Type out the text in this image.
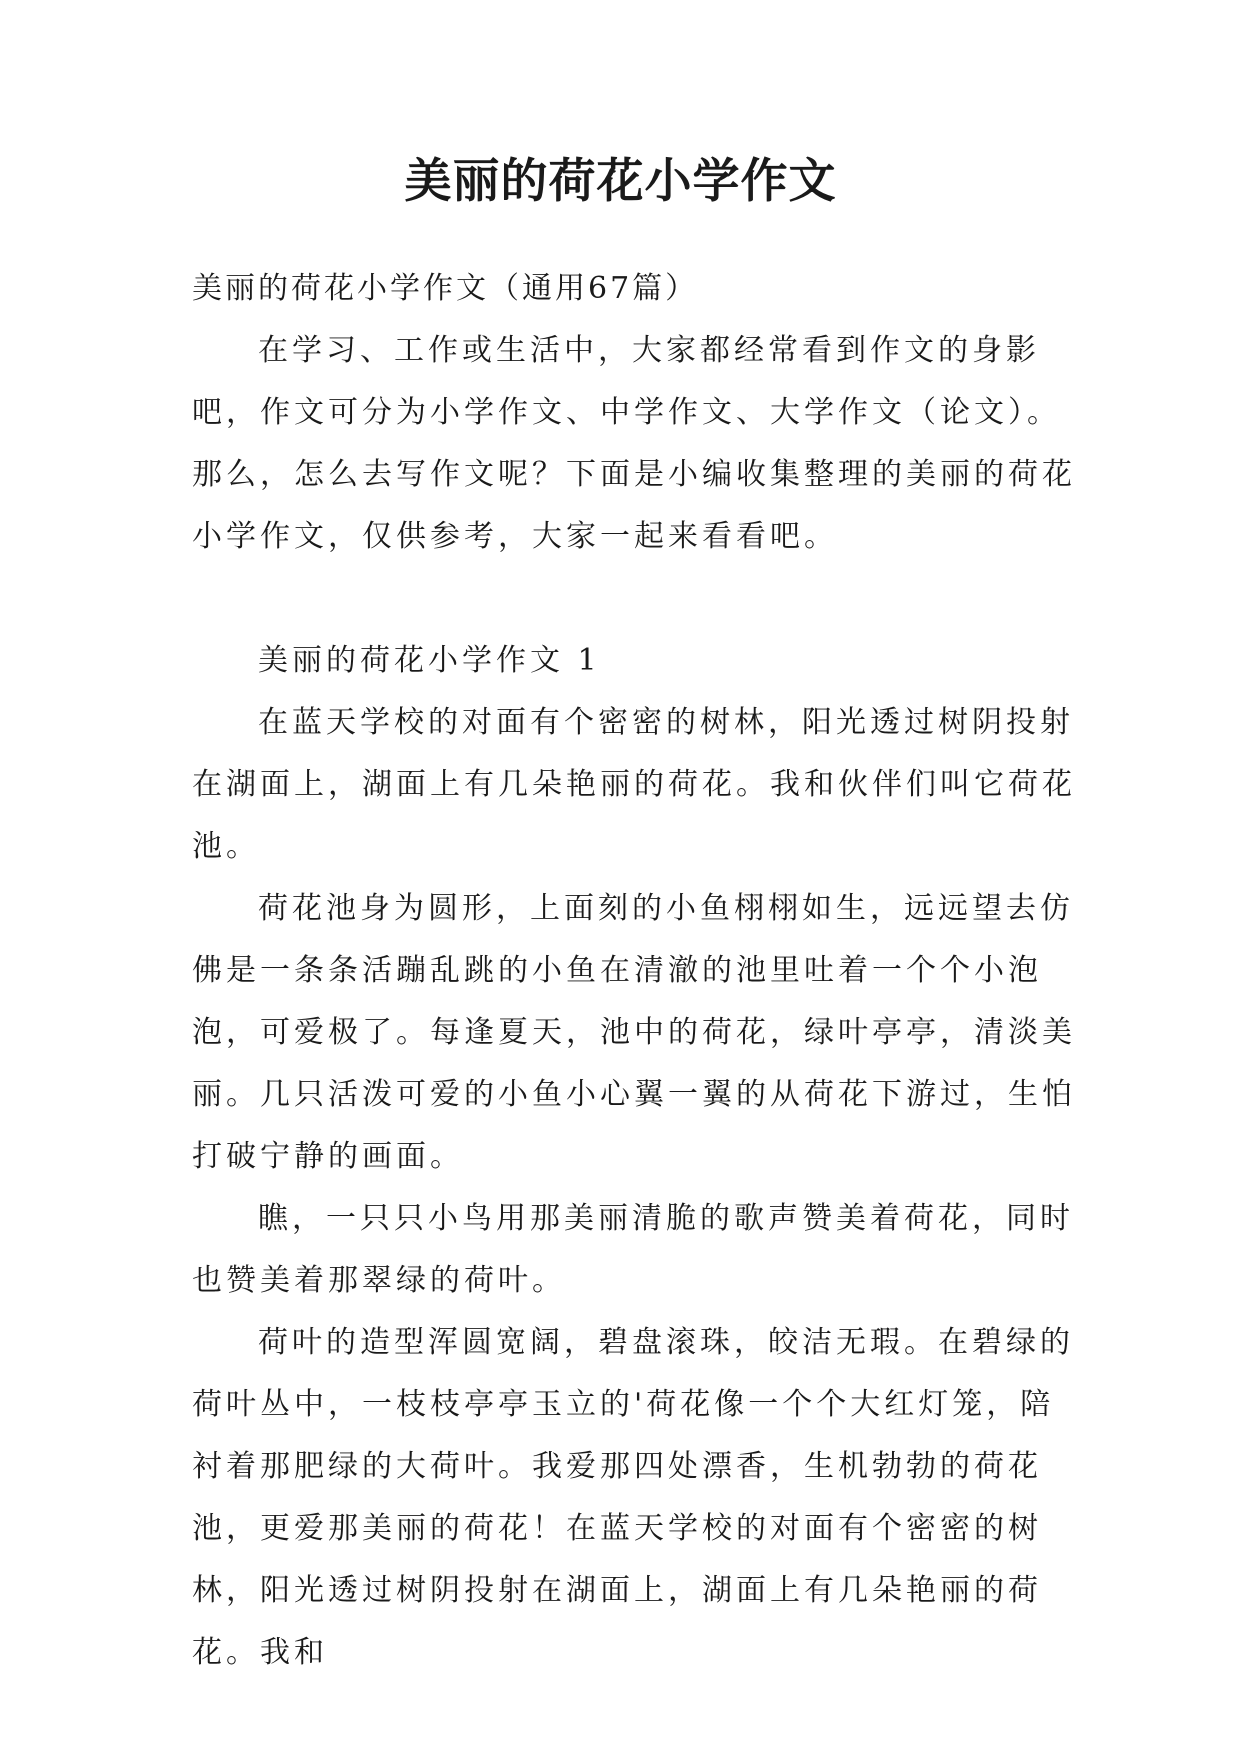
美丽的荷花小学作文

美丽的荷花小学作文（通用67篇）

在学习、工作或生活中，大家都经常看到作文的身影吧，作文可分为小学作文、中学作文、大学作文（论文）。那么，怎么去写作文呢？下面是小编收集整理的美丽的荷花小学作文，仅供参考，大家一起来看看吧。

美丽的荷花小学作文 1

在蓝天学校的对面有个密密的树林，阳光透过树阴投射在湖面上，湖面上有几朵艳丽的荷花。我和伙伴们叫它荷花池。

荷花池身为圆形，上面刻的小鱼栩栩如生，远远望去仿佛是一条条活蹦乱跳的小鱼在清澈的池里吐着一个个小泡泡，可爱极了。每逢夏天，池中的荷花，绿叶亭亭，清淡美丽。几只活泼可爱的小鱼小心翼一翼的从荷花下游过，生怕打破宁静的画面。

瞧，一只只小鸟用那美丽清脆的歌声赞美着荷花，同时也赞美着那翠绿的荷叶。

荷叶的造型浑圆宽阔，碧盘滚珠，皎洁无瑕。在碧绿的荷叶丛中，一枝枝亭亭玉立的'荷花像一个个大红灯笼，陪衬着那肥绿的大荷叶。我爱那四处漂香，生机勃勃的荷花池，更爱那美丽的荷花！在蓝天学校的对面有个密密的树林，阳光透过树阴投射在湖面上，湖面上有几朵艳丽的荷花。我和
